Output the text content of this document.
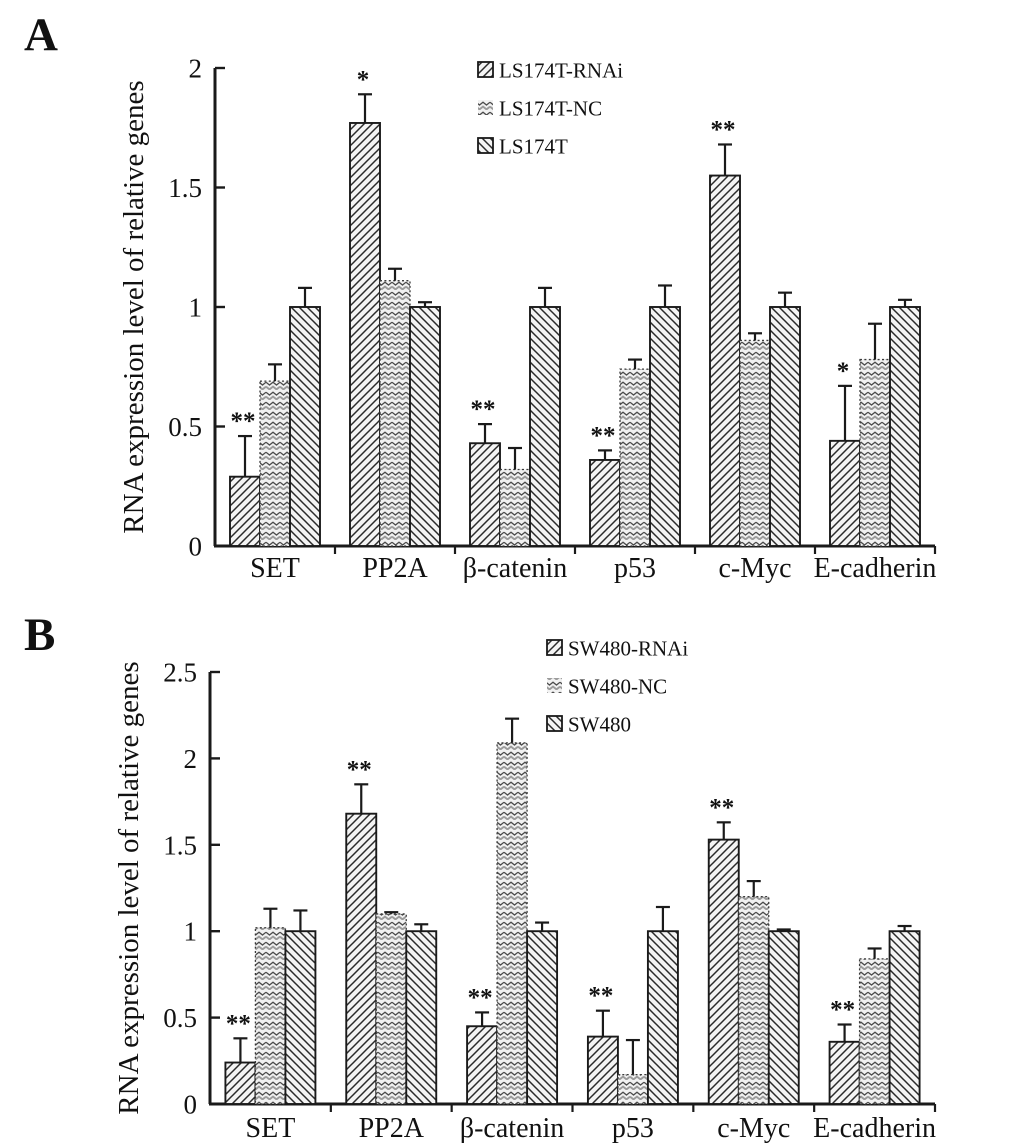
A
B
0
0.5
1
1.5
2
RNA expression level of relative genes	**
SET
*
PP2A
**
β-catenin
**
p53
**
c-Myc
*
E-cadherin
LS174T-RNAi
LS174T-NC
LS174T
0
0.5
1
1.5
2
2.5
RNA expression level of relative genes	**
SET
**
PP2A
**
β-catenin
**
p53
**
c-Myc
**
E-cadherin
SW480-RNAi
SW480-NC
SW480
